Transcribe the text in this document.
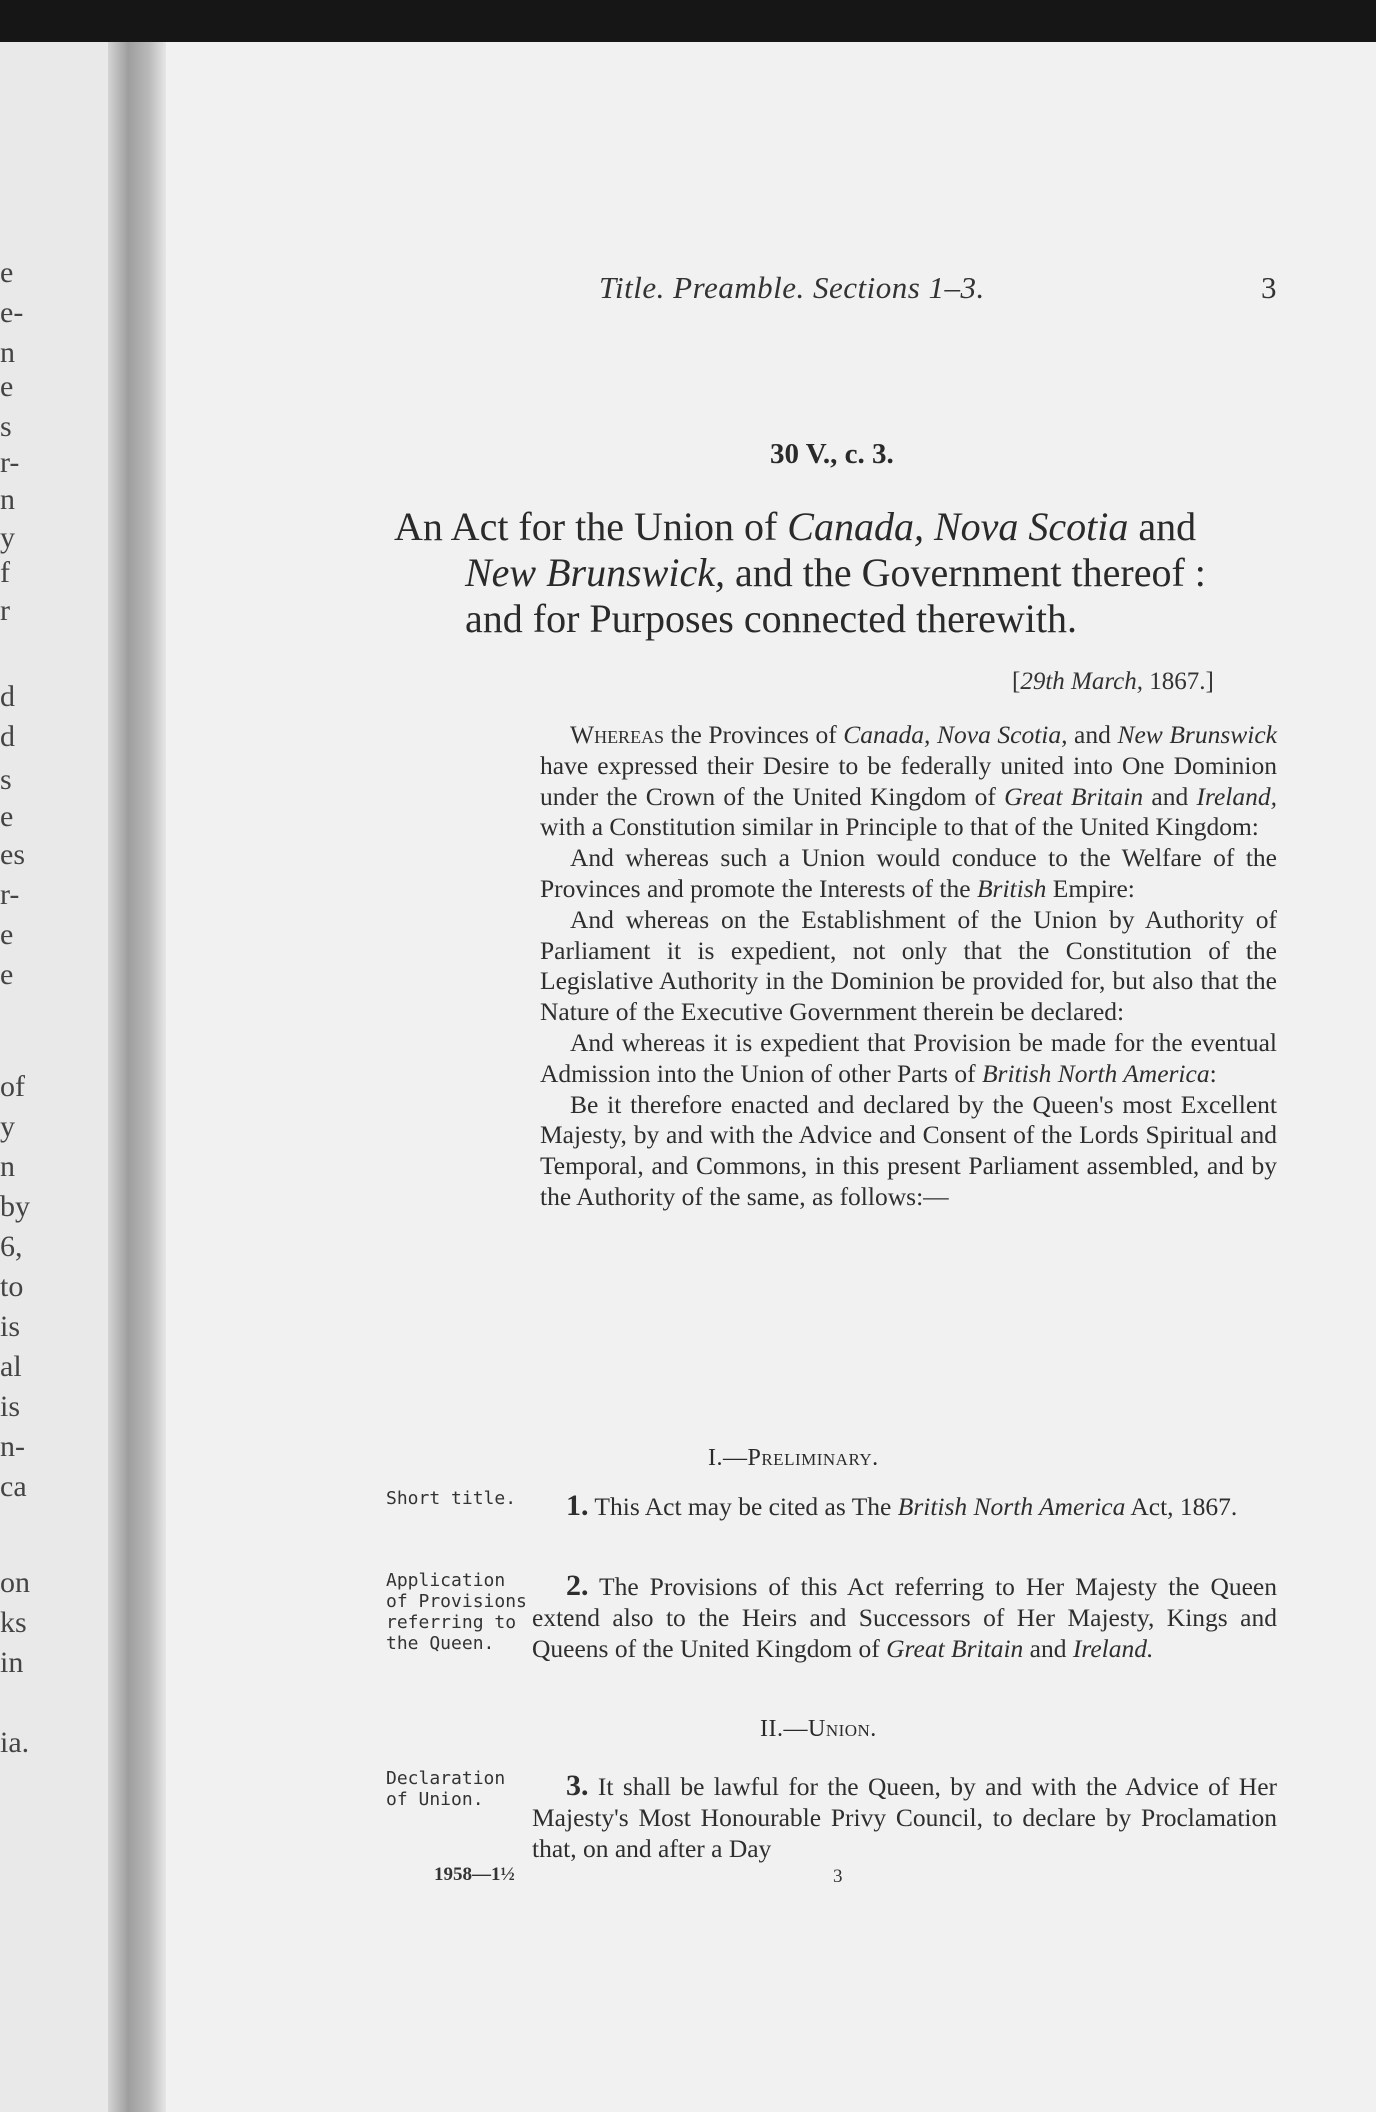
e
e-
n
e
s
r-
n
y
f
r
d
d
s
e
es
r-
e
e
of
y
n
by
6,
to
is
al
is
n-
ca
on
ks
in
ia.
Title. Preamble. Sections 1–3.	3
30 V., c. 3.
An Act for the Union of Canada, Nova Scotia and
New Brunswick, and the Government thereof :
and for Purposes connected therewith.
[29th March, 1867.]

Whereas the Provinces of Canada, Nova Scotia, and New Brunswick have expressed their Desire to be federally united into One Dominion under the Crown of the United Kingdom of Great Britain and Ireland, with a Constitution similar in Principle to that of the United Kingdom:

And whereas such a Union would conduce to the Welfare of the Provinces and promote the Interests of the British Empire:

And whereas on the Establishment of the Union by Authority of Parliament it is expedient, not only that the Constitution of the Legislative Authority in the Dominion be provided for, but also that the Nature of the Executive Government therein be declared:

And whereas it is expedient that Provision be made for the eventual Admission into the Union of other Parts of British North America:

Be it therefore enacted and declared by the Queen's most Excellent Majesty, by and with the Advice and Consent of the Lords Spiritual and Temporal, and Commons, in this present Parliament assembled, and by the Authority of the same, as follows:—

I.—Preliminary.
Short title.	1. This Act may be cited as The British North America Act, 1867.

Application
of Provisions
referring to
the Queen.

2. The Provisions of this Act referring to Her Majesty the Queen extend also to the Heirs and Successors of Her Majesty, Kings and Queens of the United Kingdom of Great Britain and Ireland.

II.—Union.
Declaration
of Union.	3. It shall be lawful for the Queen, by and with the Advice of Her Majesty's Most Honourable Privy Council, to declare by Proclamation that, on and after a Day

1958—1½	3
